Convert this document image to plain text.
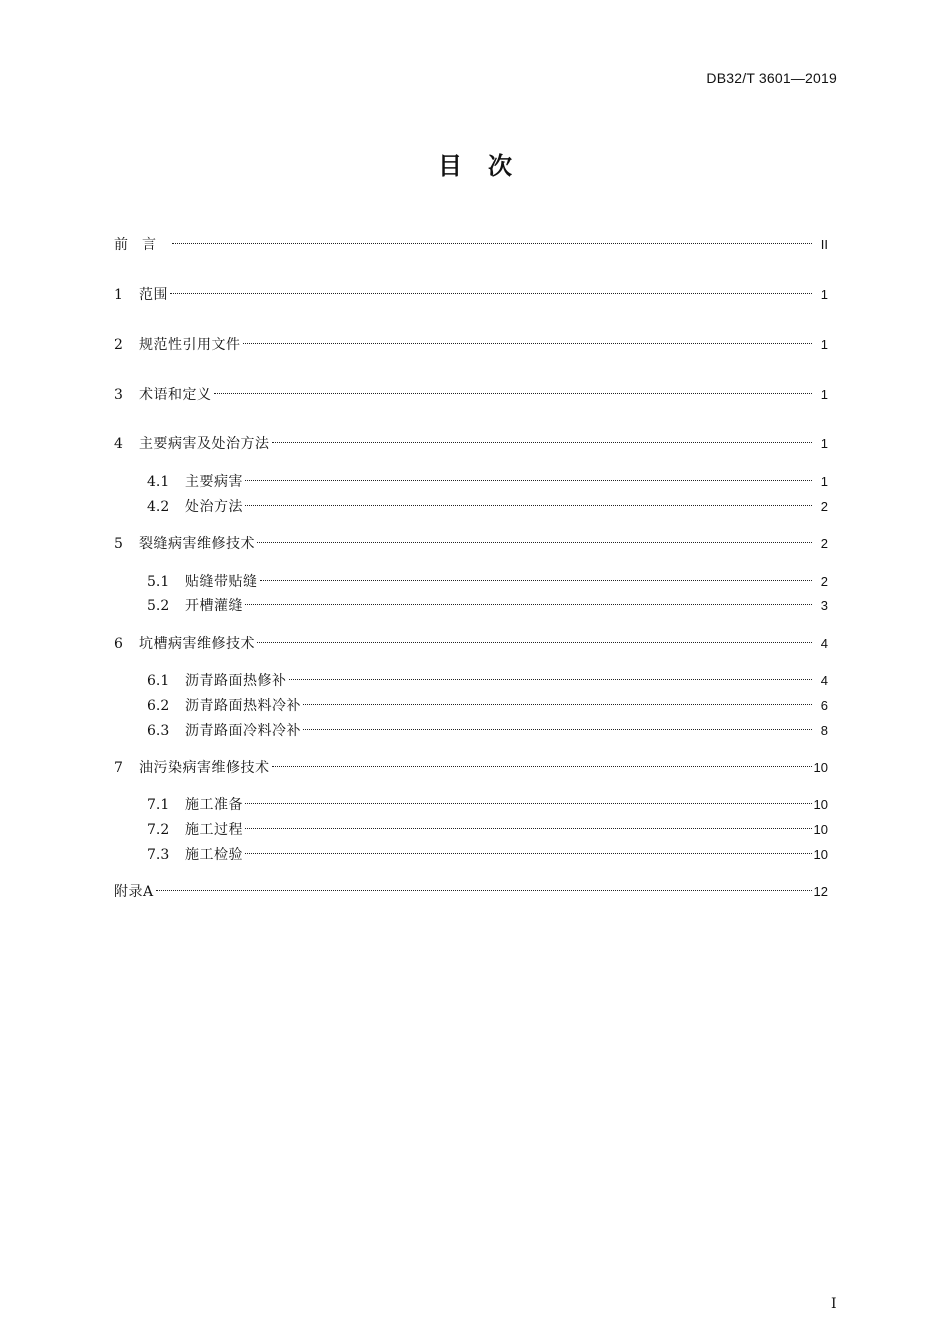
DB32/T 3601—2019
目次
前言	II
1	范围	1
2	规范性引用文件	1
3	术语和定义	1
4	主要病害及处治方法	1
4.1	主要病害	1
4.2	处治方法	2
5	裂缝病害维修技术	2
5.1	贴缝带贴缝	2
5.2	开槽灌缝	3
6	坑槽病害维修技术	4
6.1	沥青路面热修补	4
6.2	沥青路面热料冷补	6
6.3	沥青路面冷料冷补	8
7	油污染病害维修技术	10
7.1	施工准备	10
7.2	施工过程	10
7.3	施工检验	10
附录A	12
I
